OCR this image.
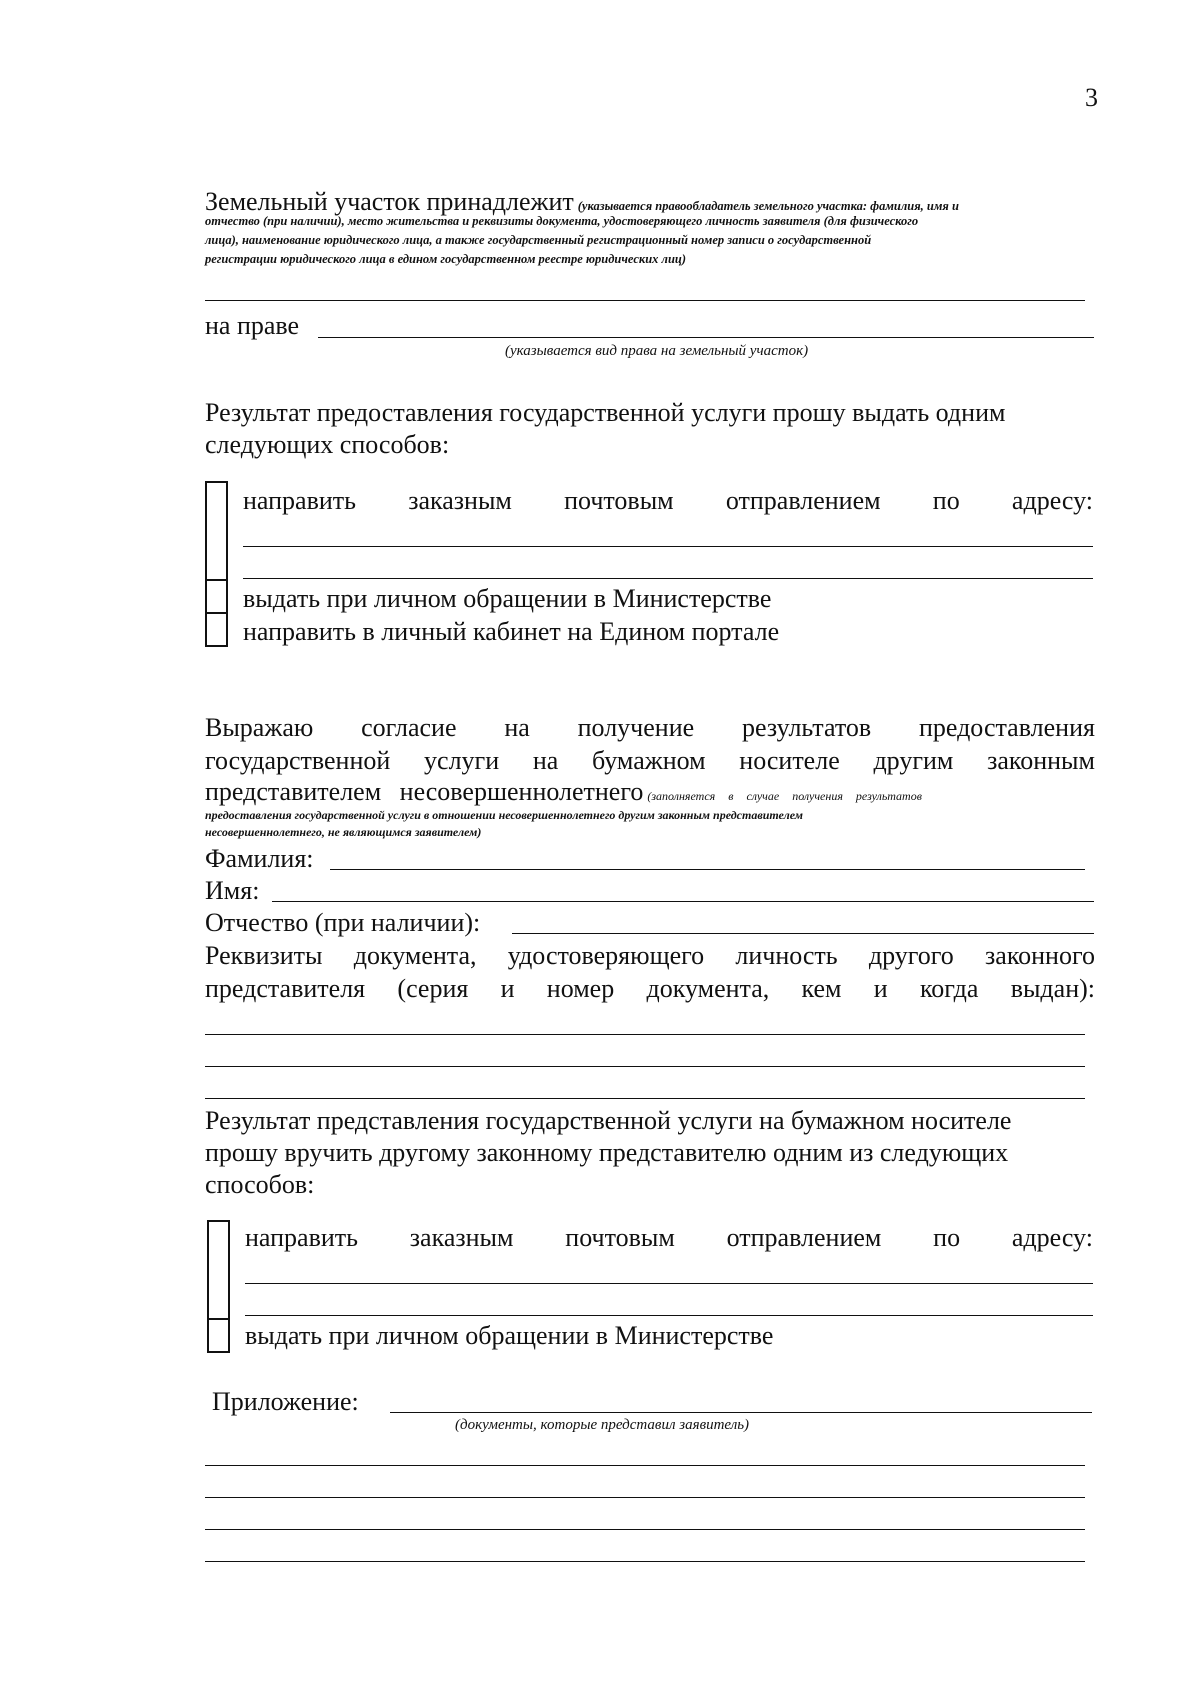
3
Земельный участок принадлежит (указывается правообладатель земельного участка: фамилия, имя и
отчество (при наличии), место жительства и реквизиты документа, удостоверяющего личность заявителя (для физического
лица), наименование юридического лица, а также государственный регистрационный номер записи о государственной
регистрации юридического лица в едином государственном реестре юридических лиц)
на праве
(указывается вид права на земельный участок)
Результат предоставления государственной услуги прошу выдать одним
следующих способов:
направить заказным почтовым отправлением по адресу:
выдать при личном обращении в Министерстве
направить в личный кабинет на Едином портале
Выражаю согласие на получение результатов предоставления
государственной услуги на бумажном носителе другим законным
представителем несовершеннолетнего (заполняется в случае получения результатов
предоставления государственной услуги в отношении несовершеннолетнего другим законным представителем
несовершеннолетнего, не являющимся заявителем)
Фамилия:
Имя:
Отчество (при наличии):
Реквизиты документа, удостоверяющего личность другого законного
представителя (серия и номер документа, кем и когда выдан):
Результат представления государственной услуги на бумажном носителе
прошу вручить другому законному представителю одним из следующих
способов:
направить заказным почтовым отправлением по адресу:
выдать при личном обращении в Министерстве
Приложение:
(документы, которые представил заявитель)
